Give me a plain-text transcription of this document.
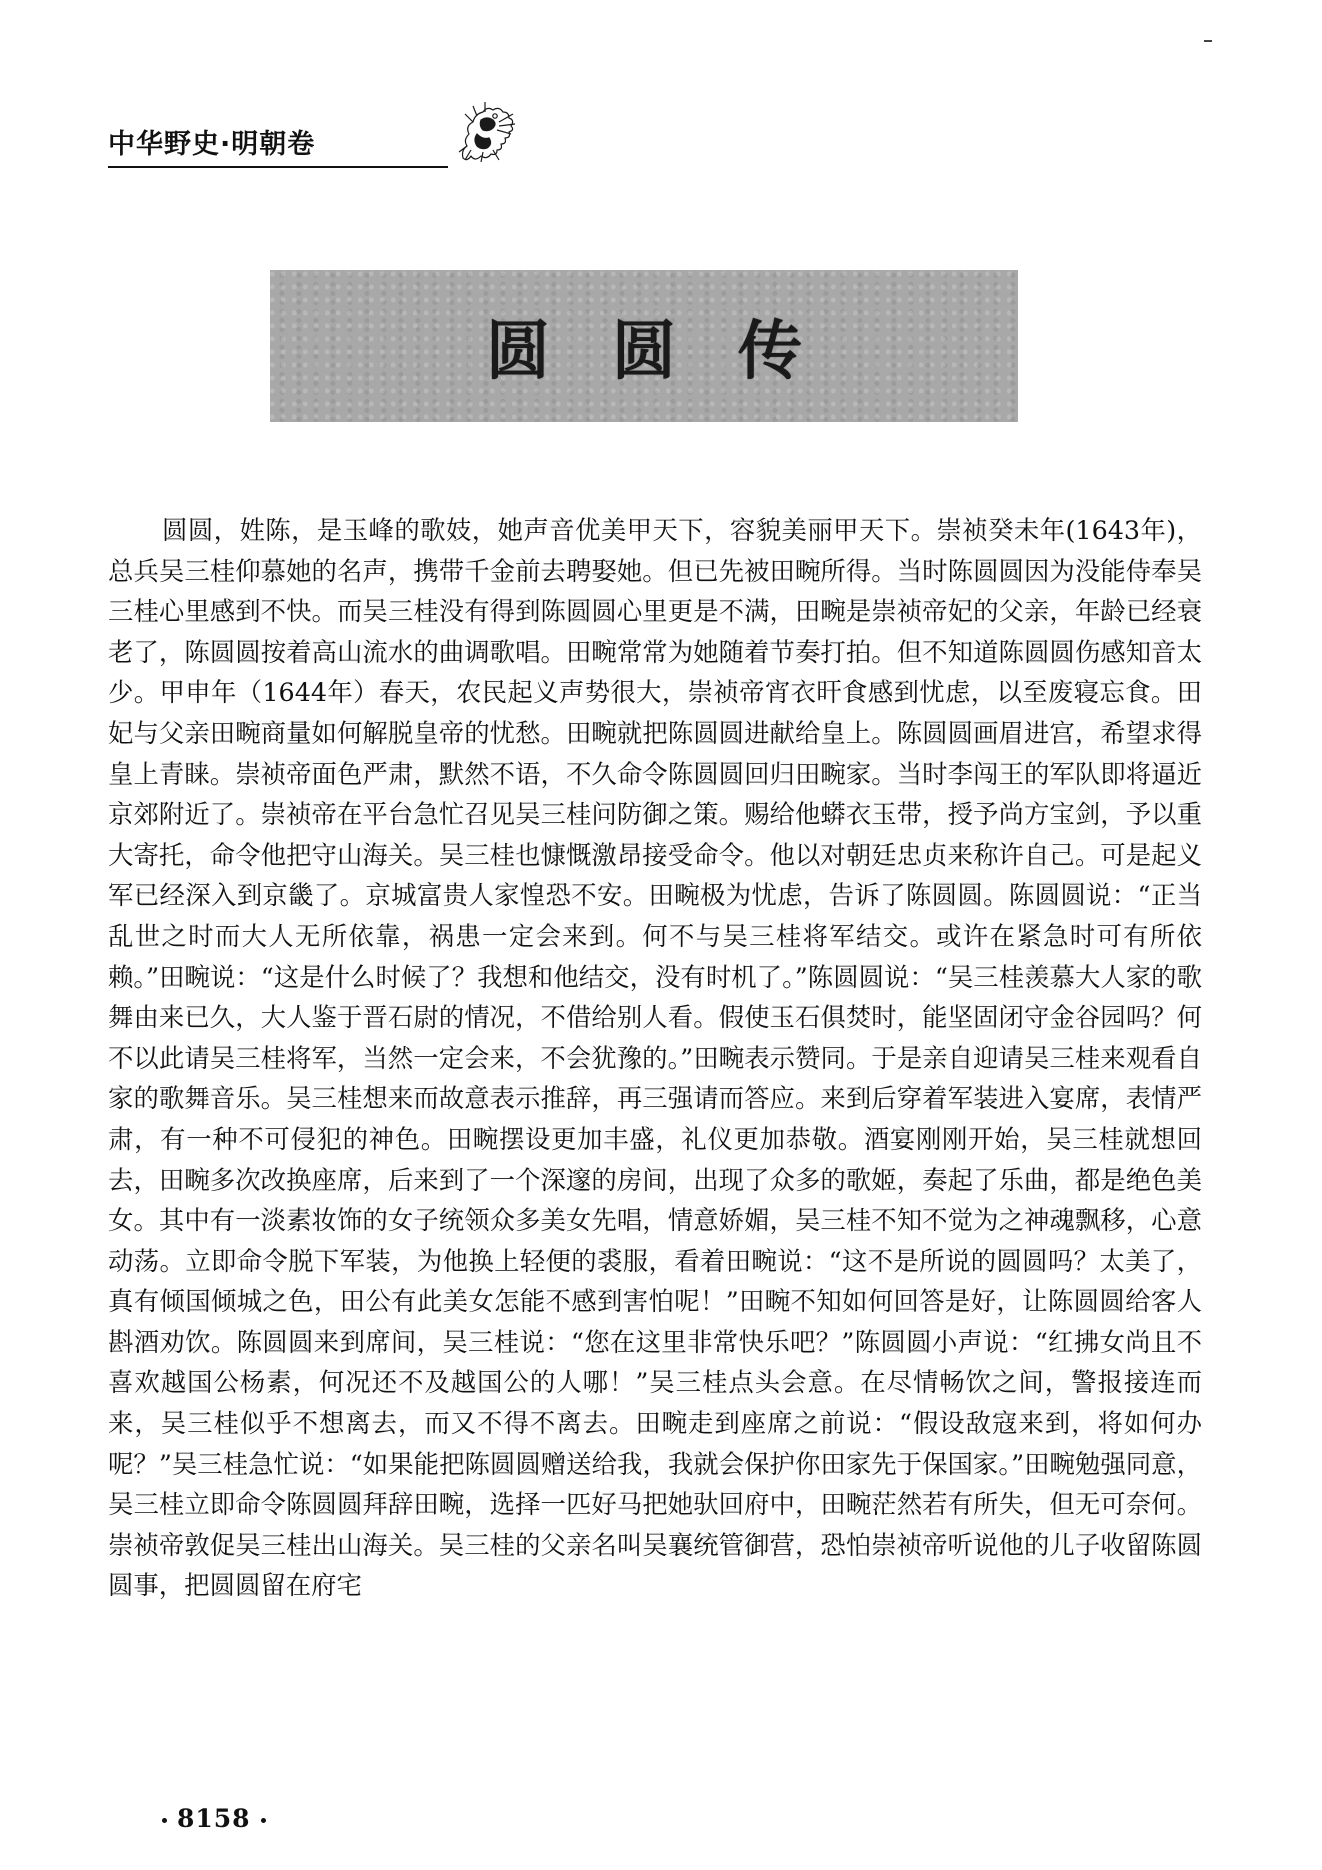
中华野史·明朝卷
圆圆传

圆圆，姓陈，是玉峰的歌妓，她声音优美甲天下，容貌美丽甲天下。崇祯癸未年(1643年)，总兵吴三桂仰慕她的名声，携带千金前去聘娶她。但已先被田畹所得。当时陈圆圆因为没能侍奉吴三桂心里感到不快。而吴三桂没有得到陈圆圆心里更是不满，田畹是崇祯帝妃的父亲，年龄已经衰老了，陈圆圆按着高山流水的曲调歌唱。田畹常常为她随着节奏打拍。但不知道陈圆圆伤感知音太少。甲申年（1644年）春天，农民起义声势很大，崇祯帝宵衣旰食感到忧虑，以至废寝忘食。田妃与父亲田畹商量如何解脱皇帝的忧愁。田畹就把陈圆圆进献给皇上。陈圆圆画眉进宫，希望求得皇上青睐。崇祯帝面色严肃，默然不语，不久命令陈圆圆回归田畹家。当时李闯王的军队即将逼近京郊附近了。崇祯帝在平台急忙召见吴三桂问防御之策。赐给他蟒衣玉带，授予尚方宝剑，予以重大寄托，命令他把守山海关。吴三桂也慷慨激昂接受命令。他以对朝廷忠贞来称许自己。可是起义军已经深入到京畿了。京城富贵人家惶恐不安。田畹极为忧虑，告诉了陈圆圆。陈圆圆说：“正当乱世之时而大人无所依靠，祸患一定会来到。何不与吴三桂将军结交。或许在紧急时可有所依赖。”田畹说：“这是什么时候了？我想和他结交，没有时机了。”陈圆圆说：“吴三桂羡慕大人家的歌舞由来已久，大人鉴于晋石尉的情况，不借给别人看。假使玉石俱焚时，能坚固闭守金谷园吗？何不以此请吴三桂将军，当然一定会来，不会犹豫的。”田畹表示赞同。于是亲自迎请吴三桂来观看自家的歌舞音乐。吴三桂想来而故意表示推辞，再三强请而答应。来到后穿着军装进入宴席，表情严肃，有一种不可侵犯的神色。田畹摆设更加丰盛，礼仪更加恭敬。酒宴刚刚开始，吴三桂就想回去，田畹多次改换座席，后来到了一个深邃的房间，出现了众多的歌姬，奏起了乐曲，都是绝色美女。其中有一淡素妆饰的女子统领众多美女先唱，情意娇媚，吴三桂不知不觉为之神魂飘移，心意动荡。立即命令脱下军装，为他换上轻便的裘服，看着田畹说：“这不是所说的圆圆吗？太美了，真有倾国倾城之色，田公有此美女怎能不感到害怕呢！”田畹不知如何回答是好，让陈圆圆给客人斟酒劝饮。陈圆圆来到席间，吴三桂说：“您在这里非常快乐吧？”陈圆圆小声说：“红拂女尚且不喜欢越国公杨素，何况还不及越国公的人哪！”吴三桂点头会意。在尽情畅饮之间，警报接连而来，吴三桂似乎不想离去，而又不得不离去。田畹走到座席之前说：“假设敌寇来到，将如何办呢？”吴三桂急忙说：“如果能把陈圆圆赠送给我，我就会保护你田家先于保国家。”田畹勉强同意，吴三桂立即命令陈圆圆拜辞田畹，选择一匹好马把她驮回府中，田畹茫然若有所失，但无可奈何。崇祯帝敦促吴三桂出山海关。吴三桂的父亲名叫吴襄统管御营，恐怕崇祯帝听说他的儿子收留陈圆圆事，把圆圆留在府宅

8158
